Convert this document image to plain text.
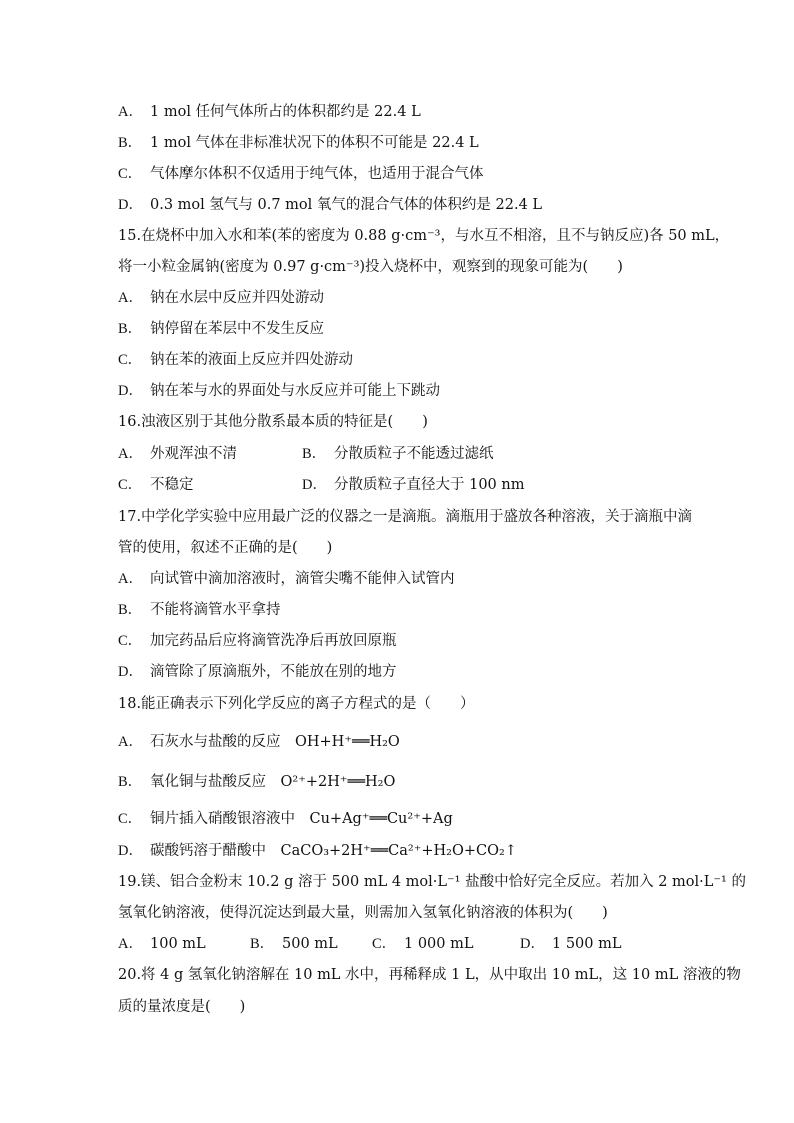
A． 1 mol 任何气体所占的体积都约是 22.4 L
B． 1 mol 气体在非标准状况下的体积不可能是 22.4 L
C． 气体摩尔体积不仅适用于纯气体，也适用于混合气体
D． 0.3 mol 氢气与 0.7 mol 氧气的混合气体的体积约是 22.4 L
15.在烧杯中加入水和苯(苯的密度为 0.88 g·cm⁻³，与水互不相溶，且不与钠反应)各 50 mL，
将一小粒金属钠(密度为 0.97 g·cm⁻³)投入烧杯中，观察到的现象可能为(　　)
A． 钠在水层中反应并四处游动
B． 钠停留在苯层中不发生反应
C． 钠在苯的液面上反应并四处游动
D． 钠在苯与水的界面处与水反应并可能上下跳动
16.浊液区别于其他分散系最本质的特征是(　　)
A． 外观浑浊不清	B． 分散质粒子不能透过滤纸
C． 不稳定	D． 分散质粒子直径大于 100 nm
17.中学化学实验中应用最广泛的仪器之一是滴瓶。滴瓶用于盛放各种溶液，关于滴瓶中滴
管的使用，叙述不正确的是(　　)
A． 向试管中滴加溶液时，滴管尖嘴不能伸入试管内
B． 不能将滴管水平拿持
C． 加完药品后应将滴管洗净后再放回原瓶
D． 滴管除了原滴瓶外，不能放在别的地方
18.能正确表示下列化学反应的离子方程式的是（　　）
A． 石灰水与盐酸的反应　OH+H⁺══H₂O
B． 氧化铜与盐酸反应　O²⁺+2H⁺══H₂O
C． 铜片插入硝酸银溶液中　Cu+Ag⁺══Cu²⁺+Ag
D． 碳酸钙溶于醋酸中　CaCO₃+2H⁺══Ca²⁺+H₂O+CO₂↑
19.镁、铝合金粉末 10.2 g 溶于 500 mL 4 mol·L⁻¹ 盐酸中恰好完全反应。若加入 2 mol·L⁻¹ 的
氢氧化钠溶液，使得沉淀达到最大量，则需加入氢氧化钠溶液的体积为(　　)
A． 100 mL	B． 500 mL C． 1 000 mL	D． 1 500 mL
20.将 4 g 氢氧化钠溶解在 10 mL 水中，再稀释成 1 L，从中取出 10 mL，这 10 mL 溶液的物
质的量浓度是(　　)
